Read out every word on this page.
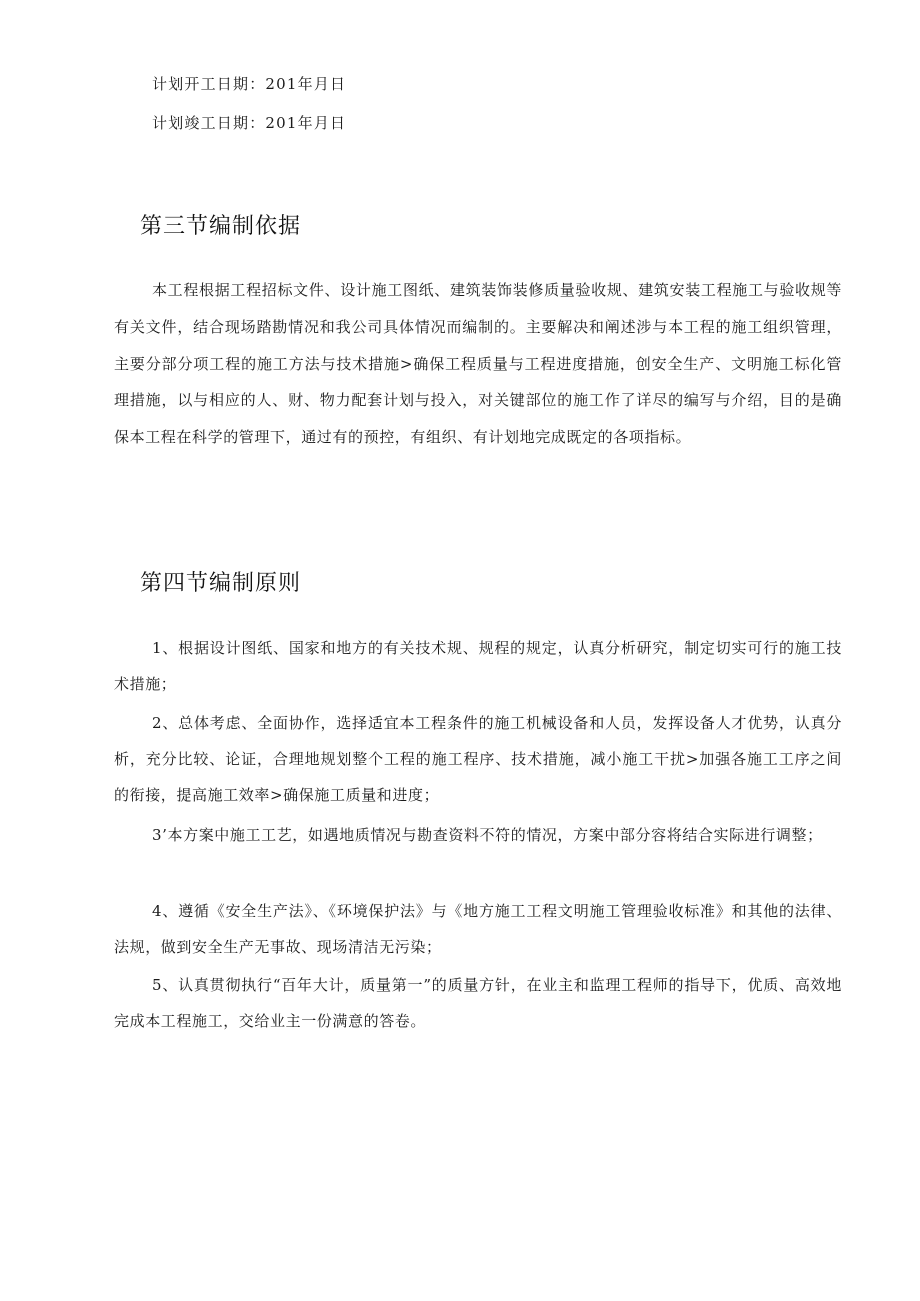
计划开工日期：201年月日
计划竣工日期：201年月日
第三节编制依据

本工程根据工程招标文件、设计施工图纸、建筑装饰装修质量验收规、建筑安装工程施工与验收规等有关文件，结合现场踏勘情况和我公司具体情况而编制的。主要解决和阐述涉与本工程的施工组织管理，主要分部分项工程的施工方法与技术措施>确保工程质量与工程进度措施，创安全生产、文明施工标化管理措施，以与相应的人、财、物力配套计划与投入，对关键部位的施工作了详尽的编写与介绍，目的是确保本工程在科学的管理下，通过有的预控，有组织、有计划地完成既定的各项指标。

第四节编制原则

1、根据设计图纸、国家和地方的有关技术规、规程的规定，认真分析研究，制定切实可行的施工技术措施；

2、总体考虑、全面协作，选择适宜本工程条件的施工机械设备和人员，发挥设备人才优势，认真分析，充分比较、论证，合理地规划整个工程的施工程序、技术措施，减小施工干扰>加强各施工工序之间的衔接，提高施工效率>确保施工质量和进度；

3’本方案中施工工艺，如遇地质情况与勘查资料不符的情况，方案中部分容将结合实际进行调整；

4、遵循《安全生产法》、《环境保护法》与《地方施工工程文明施工管理验收标准》和其他的法律、法规，做到安全生产无事故、现场清洁无污染；

5、认真贯彻执行“百年大计，质量第一”的质量方针，在业主和监理工程师的指导下，优质、高效地完成本工程施工，交给业主一份满意的答卷。
